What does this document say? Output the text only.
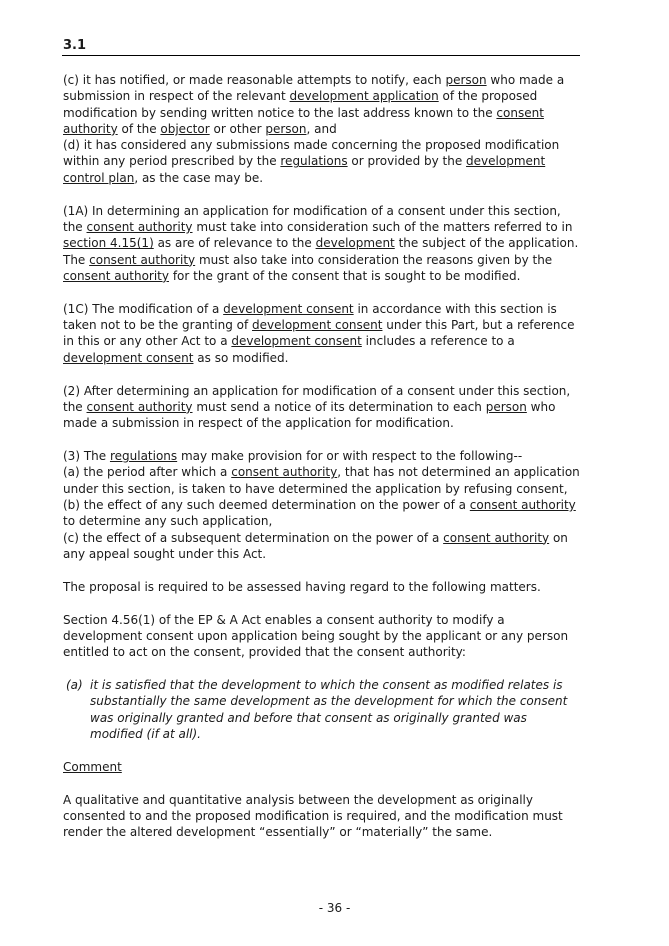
3.1

(c) it has notified, or made reasonable attempts to notify, each person who made a submission in respect of the relevant development application of the proposed modification by sending written notice to the last address known to the consent authority of the objector or other person, and
(d) it has considered any submissions made concerning the proposed modification within any period prescribed by the regulations or provided by the development control plan, as the case may be.

(1A) In determining an application for modification of a consent under this section, the consent authority must take into consideration such of the matters referred to in section 4.15(1) as are of relevance to the development the subject of the application. The consent authority must also take into consideration the reasons given by the consent authority for the grant of the consent that is sought to be modified.

(1C) The modification of a development consent in accordance with this section is taken not to be the granting of development consent under this Part, but a reference in this or any other Act to a development consent includes a reference to a development consent as so modified.

(2) After determining an application for modification of a consent under this section, the consent authority must send a notice of its determination to each person who made a submission in respect of the application for modification.

(3) The regulations may make provision for or with respect to the following--
(a) the period after which a consent authority, that has not determined an application under this section, is taken to have determined the application by refusing consent,
(b) the effect of any such deemed determination on the power of a consent authority to determine any such application,
(c) the effect of a subsequent determination on the power of a consent authority on any appeal sought under this Act.

The proposal is required to be assessed having regard to the following matters.

Section 4.56(1) of the EP & A Act enables a consent authority to modify a development consent upon application being sought by the applicant or any person entitled to act on the consent, provided that the consent authority:

(a) it is satisfied that the development to which the consent as modified relates is substantially the same development as the development for which the consent was originally granted and before that consent as originally granted was modified (if at all).

Comment

A qualitative and quantitative analysis between the development as originally consented to and the proposed modification is required, and the modification must render the altered development “essentially” or “materially” the same.

- 36 -
